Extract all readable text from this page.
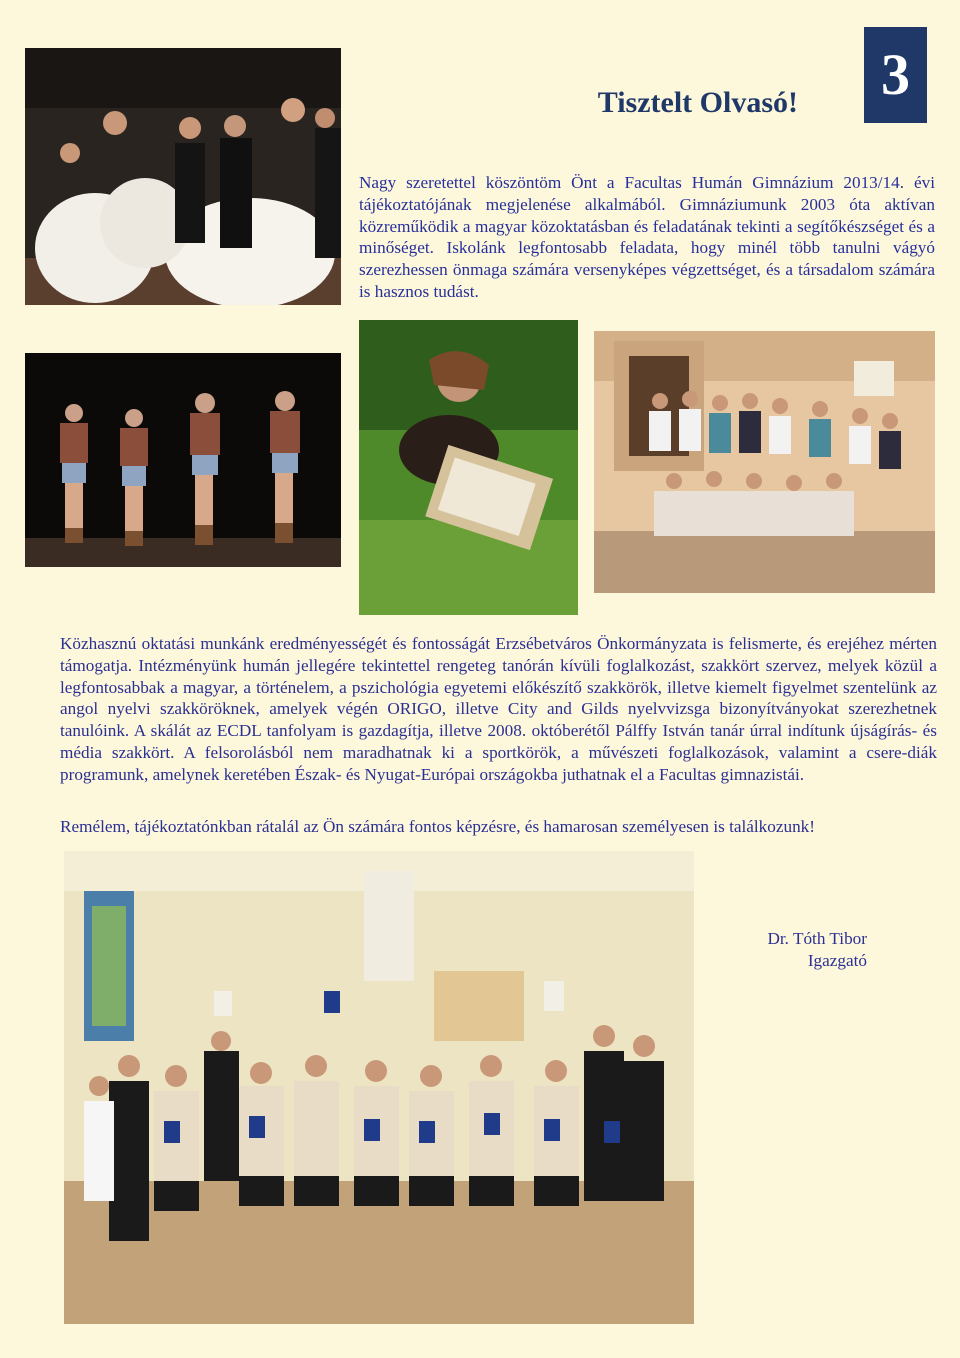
3
Tisztelt Olvasó!
Nagy szeretettel köszöntöm Önt a Facultas Humán Gimnázium 2013/14. évi tájékoztatójának megjelenése alkalmából. Gimnáziumunk 2003 óta aktívan közreműködik a magyar közoktatásban és feladatának tekinti a segítőkészséget és a minőséget. Iskolánk legfontosabb feladata, hogy minél több tanulni vágyó szerezhessen önmaga számára versenyképes végzettséget, és a társadalom számára is hasznos tudást.
Közhasznú oktatási munkánk eredményességét és fontosságát Erzsébetváros Önkormányzata is felismerte, és erejéhez mérten támogatja. Intézményünk humán jellegére tekintettel rengeteg tanórán kívüli foglalkozást, szakkört szervez, melyek közül a legfontosabbak a magyar, a történelem, a pszichológia egyetemi előkészítő szakkörök, illetve kiemelt figyelmet szentelünk az angol nyelvi szakköröknek, amelyek végén ORIGO, illetve City and Gilds nyelvvizsga bizonyítványokat szerezhetnek tanulóink. A skálát az ECDL tanfolyam is gazdagítja, illetve 2008. októberétől Pálffy István tanár úrral indítunk újságírás- és média szakkört. A felsorolásból nem maradhatnak ki a sportkörök, a művészeti foglalkozások, valamint a csere-diák programunk, amelynek keretében Észak- és Nyugat-Európai országokba juthatnak el a Facultas gimnazistái.
Remélem, tájékoztatónkban rátalál az Ön számára fontos képzésre, és hamarosan személyesen is találkozunk!
Dr. Tóth Tibor
Igazgató
